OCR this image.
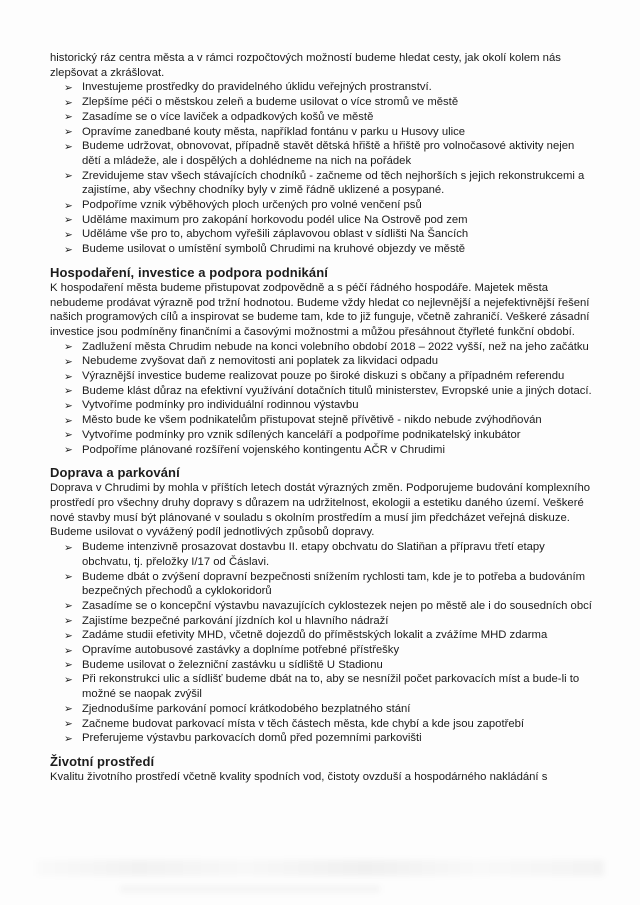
historický ráz centra města a v rámci rozpočtových možností budeme hledat cesty, jak okolí kolem nás zlepšovat a zkrášlovat.

➢ Investujeme prostředky do pravidelného úklidu veřejných prostranství.
➢ Zlepšíme péči o městskou zeleň a budeme usilovat o více stromů ve městě
➢ Zasadíme se o více laviček a odpadkových košů ve městě
➢ Opravíme zanedbané kouty města, například fontánu v parku u Husovy ulice
➢ Budeme udržovat, obnovovat, případně stavět dětská hřiště a hřiště pro volnočasové aktivity nejen dětí a mládeže, ale i dospělých a dohlédneme na nich na pořádek
➢ Zrevidujeme stav všech stávajících chodníků - začneme od těch nejhorších s jejich rekonstrukcemi a zajistíme, aby všechny chodníky byly v zimě řádně uklizené a posypané.
➢ Podpoříme vznik výběhových ploch určených pro volné venčení psů
➢ Uděláme maximum pro zakopání horkovodu podél ulice Na Ostrově pod zem
➢ Uděláme vše pro to, abychom vyřešili záplavovou oblast v sídlišti Na Šancích
➢ Budeme usilovat o umístění symbolů Chrudimi na kruhové objezdy ve městě
Hospodaření, investice a podpora podnikání

K hospodaření města budeme přistupovat zodpovědně a s péčí řádného hospodáře. Majetek města nebudeme prodávat výrazně pod tržní hodnotou. Budeme vždy hledat co nejlevnější a nejefektivnější řešení našich programových cílů a inspirovat se budeme tam, kde to již funguje, včetně zahraničí. Veškeré zásadní investice jsou podmíněny finančními a časovými možnostmi a můžou přesáhnout čtyřleté funkční období.

➢ Zadlužení města Chrudim nebude na konci volebního období 2018 – 2022 vyšší, než na jeho začátku
➢ Nebudeme zvyšovat daň z nemovitosti ani poplatek za likvidaci odpadu
➢ Výraznější investice budeme realizovat pouze po široké diskuzi s občany a případném referendu
➢ Budeme klást důraz na efektivní využívání dotačních titulů ministerstev, Evropské unie a jiných dotací.
➢ Vytvoříme podmínky pro individuální rodinnou výstavbu
➢ Město bude ke všem podnikatelům přistupovat stejně přívětivě - nikdo nebude zvýhodňován
➢ Vytvoříme podmínky pro vznik sdílených kanceláří a podpoříme podnikatelský inkubátor
➢ Podpoříme plánované rozšíření vojenského kontingentu AČR v Chrudimi
Doprava a parkování

Doprava v Chrudimi by mohla v příštích letech dostát výrazných změn. Podporujeme budování komplexního prostředí pro všechny druhy dopravy s důrazem na udržitelnost, ekologii a estetiku daného území. Veškeré nové stavby musí být plánované v souladu s okolním prostředím a musí jim předcházet veřejná diskuze. Budeme usilovat o vyvážený podíl jednotlivých způsobů dopravy.

➢ Budeme intenzivně prosazovat dostavbu II. etapy obchvatu do Slatiňan a přípravu třetí etapy obchvatu, tj. přeložky I/17 od Čáslavi.
➢ Budeme dbát o zvýšení dopravní bezpečnosti snížením rychlosti tam, kde je to potřeba a budováním bezpečných přechodů a cyklokoridorů
➢ Zasadíme se o koncepční výstavbu navazujících cyklostezek nejen po městě ale i do sousedních obcí
➢ Zajistíme bezpečné parkování jízdních kol u hlavního nádraží
➢ Zadáme studii efetivity MHD, včetně dojezdů do příměstských lokalit a zvážíme MHD zdarma
➢ Opravíme autobusové zastávky a doplníme potřebné přístřešky
➢ Budeme usilovat o železniční zastávku u sídliště U Stadionu
➢ Při rekonstrukci ulic a sídlišť budeme dbát na to, aby se nesnížil počet parkovacích míst a bude-li to možné se naopak zvýšil
➢ Zjednodušíme parkování pomocí krátkodobého bezplatného stání
➢ Začneme budovat parkovací místa v těch částech města, kde chybí a kde jsou zapotřebí
➢ Preferujeme výstavbu parkovacích domů před pozemními parkovišti
Životní prostředí

Kvalitu životního prostředí včetně kvality spodních vod, čistoty ovzduší a hospodárného nakládání s
